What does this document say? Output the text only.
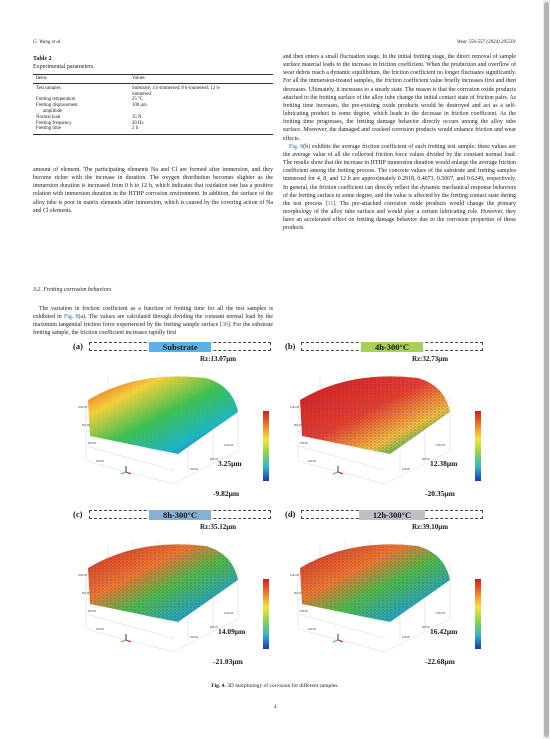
G. Wang et al.	Wear 556-557 (2024) 205501
Table 2
Experimental parameters.
Items	Values
Test samples	Substrate; 4 h-immersed; 8 h-immersed; 12 h-
immersed
Fretting temperature	25 °C
Fretting displacement	100 μm
amplitude
Normal load	35 N
Fretting frequency	20 Hz
Fretting time	2 h

amount of element. The participating elements Na and Cl are formed after immersion, and they become richer with the increase in duration. The oxygen distribution becomes slighter as the immersion duration is increased from 0 h to 12 h, which indicates that oxidation rate has a positive relation with immersion duration in the HTHP corrosion environment. In addition, the surface of the alloy tube is poor in matrix elements after immersion, which is caused by the covering action of Na and Cl elements.

3.2. Fretting corrosion behaviors

The variation in friction coefficient as a function of fretting time for all the test samples is exhibited in Fig. 8(a). The values are calculated through dividing the constant normal load by the maximum tangential friction force experienced by the fretting sample surface [30]. For the substrate fretting sample, the friction coefficient increases rapidly first

and then enters a small fluctuation stage. In the initial fretting stage, the direct removal of sample surface material leads to the increase in friction coefficient. When the production and overflow of wear debris reach a dynamic equilibrium, the friction coefficient no longer fluctuates significantly. For all the immersion-treated samples, the friction coefficient value briefly increases first and then decreases. Ultimately, it increases to a steady state. The reason is that the corrosion oxide products attached to the fretting surface of the alloy tube change the initial contact state of friction pairs. As fretting time increases, the pre-existing oxide products would be destroyed and act as a self-lubricating product to some degree, which leads to the decrease in friction coefficient. As the fretting time progresses, the fretting damage behavior directly occurs among the alloy tube surface. Moreover, the damaged and cracked corrosion products would enhance friction and wear effects.

Fig. 8(b) exhibits the average friction coefficient of each fretting test sample; these values are the average value of all the collected friction force values divided by the constant normal load. The results show that the increase in HTHP immersion duration would enlarge the average friction coefficient among the fretting process. The concrete values of the substrate and fretting samples immersed for 4, 8, and 12 h are approximately 0.2918, 0.4073, 0.5067, and 0.6249, respectively. In general, the friction coefficient can directly reflect the dynamic mechanical response behaviors of the fretting surface to some degree, and the value is affected by the fretting contact state during the test process [31]. The pre-attached corrosion oxide products would change the primary morphology of the alloy tube surface and would play a certain lubricating role. However, they have an accelerated effect on fretting damage behavior due to the corrosion properties of these products.

(a)	Substrate
Rz:13.07μm
1100.00
800.00
500.00
200.00
400.00
800.00
1100.00
3.25μm
-9.82μm
(b)	4h-300°C
Rz:32.73μm
1100.00
800.00
500.00
200.00
400.00
800.00
1100.00
12.38μm
-20.35μm
(c)	8h-300°C
Rz:35.12μm
1100.00
800.00
500.00
200.00
400.00
800.00
1100.00
14.09μm
-21.03μm
(d)	12h-300°C
Rz:39.10μm
1100.00
800.00
500.00
200.00
400.00
800.00
1100.00
16.42μm
-22.68μm
Fig. 4. 3D morphology of corrosion for different samples.
4
